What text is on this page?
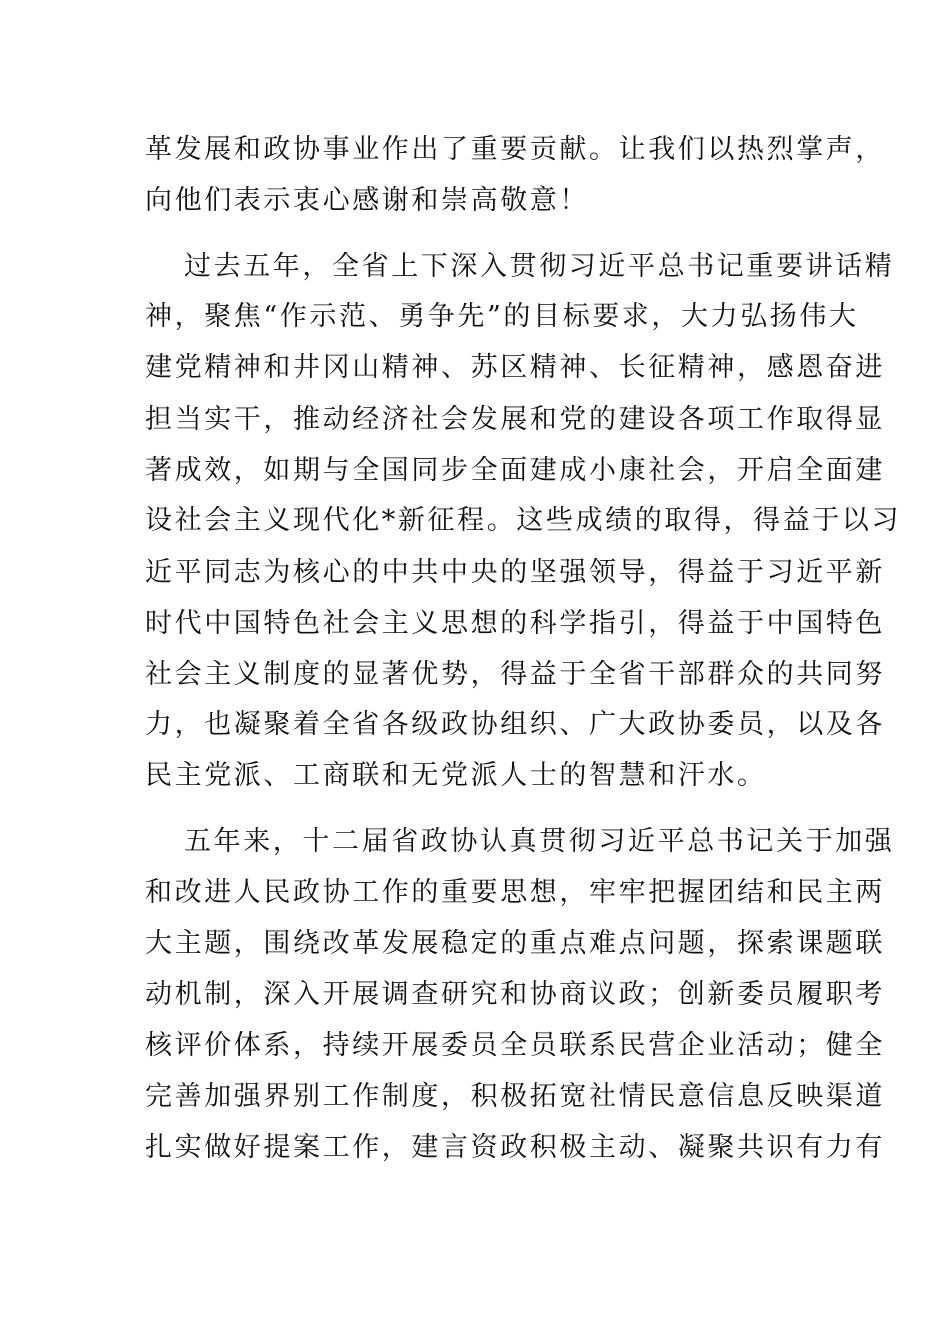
革发展和政协事业作出了重要贡献。让我们以热烈掌声，
向他们表示衷心感谢和崇高敬意！
过去五年，全省上下深入贯彻习近平总书记重要讲话精
神，聚焦“作示范、勇争先”的目标要求，大力弘扬伟大
建党精神和井冈山精神、苏区精神、长征精神，感恩奋进
担当实干，推动经济社会发展和党的建设各项工作取得显
著成效，如期与全国同步全面建成小康社会，开启全面建
设社会主义现代化*新征程。这些成绩的取得，得益于以习
近平同志为核心的中共中央的坚强领导，得益于习近平新
时代中国特色社会主义思想的科学指引，得益于中国特色
社会主义制度的显著优势，得益于全省干部群众的共同努
力，也凝聚着全省各级政协组织、广大政协委员，以及各
民主党派、工商联和无党派人士的智慧和汗水。
五年来，十二届省政协认真贯彻习近平总书记关于加强
和改进人民政协工作的重要思想，牢牢把握团结和民主两
大主题，围绕改革发展稳定的重点难点问题，探索课题联
动机制，深入开展调查研究和协商议政；创新委员履职考
核评价体系，持续开展委员全员联系民营企业活动；健全
完善加强界别工作制度，积极拓宽社情民意信息反映渠道
扎实做好提案工作，建言资政积极主动、凝聚共识有力有
